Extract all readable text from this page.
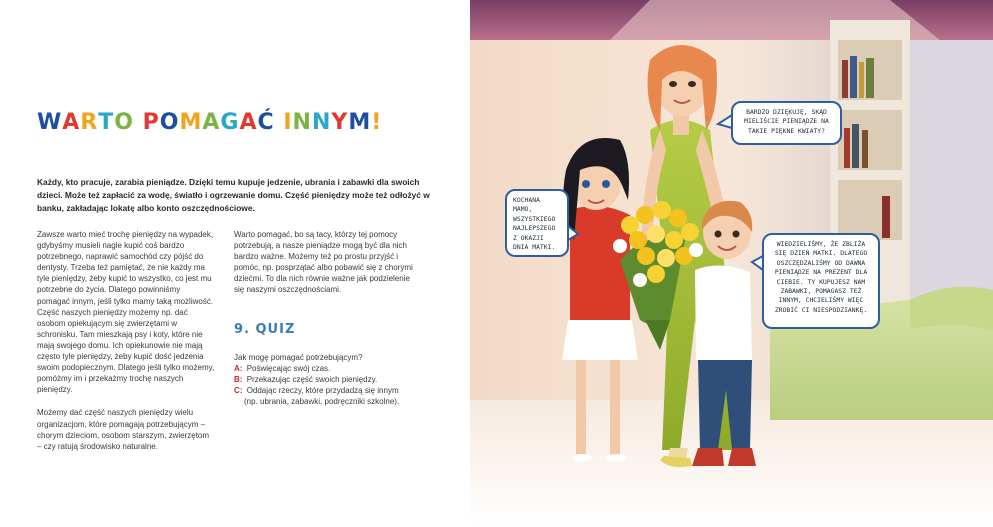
WARTO POMAGAĆ INNYM!
Każdy, kto pracuje, zarabia pieniądze. Dzięki temu kupuje jedzenie, ubrania i zabawki dla swoich dzieci. Może też zapłacić za wodę, światło i ogrzewanie domu. Część pieniędzy może też odłożyć w banku, zakładając lokatę albo konto oszczędnościowe.

Zawsze warto mieć trochę pieniędzy na wypadek, gdybyśmy musieli nagle kupić coś bardzo potrzebnego, naprawić samochód czy pójść do dentysty. Trzeba też pamiętać, że nie każdy ma tyle pieniędzy, żeby kupić to wszystko, co jest mu potrzebne do życia. Dlatego powinniśmy pomagać innym, jeśli tylko mamy taką możliwość. Część naszych pieniędzy możemy np. dać osobom opiekującym się zwierzętami w schronisku. Tam mieszkają psy i koty, które nie mają swojego domu. Ich opiekunowie nie mają często tyle pieniędzy, żeby kupić dość jedzenia swoim podopiecznym. Dlatego jeśli tylko możemy, pomóżmy im i przekażmy trochę naszych pieniędzy.

Możemy dać część naszych pieniędzy wielu organizacjom, które pomagają potrzebującym – chorym dzieciom, osobom starszym, zwierzętom – czy ratują środowisko naturalne.

Warto pomagać, bo są tacy, którzy tej pomocy potrzebują, a nasze pieniądze mogą być dla nich bardzo ważne. Możemy też po prostu przyjść i pomóc, np. posprzątać albo pobawić się z chorymi dziećmi. To dla nich równie ważne jak podzielenie się naszymi oszczędnościami.

9. QUIZ
Jak mogę pomagać potrzebującym?
A: Poświęcając swój czas.
B: Przekazując część swoich pieniędzy.
C: Oddając rzeczy, które przydadzą się innym
(np. ubrania, zabawki, podręczniki szkolne).
BARDZO DZIĘKUJĘ, SKĄD MIELIŚCIE PIENIĄDZE NA TAKIE PIĘKNE KWIATY?
KOCHANA MAMO, WSZYSTKIEGO NAJLEPSZEGO Z OKAZJI DNIA MATKI.	WIEDZIELIŚMY, ŻE ZBLIŻA SIĘ DZIEŃ MATKI. DLATEGO OSZCZĘDZALIŚMY OD DAWNA PIENIĄDZE NA PREZENT DLA CIEBIE. TY KUPUJESZ NAM ZABAWKI, POMAGASZ TEŻ INNYM, CHCIELIŚMY WIĘC ZROBIĆ CI NIESPODZIANKĘ.
